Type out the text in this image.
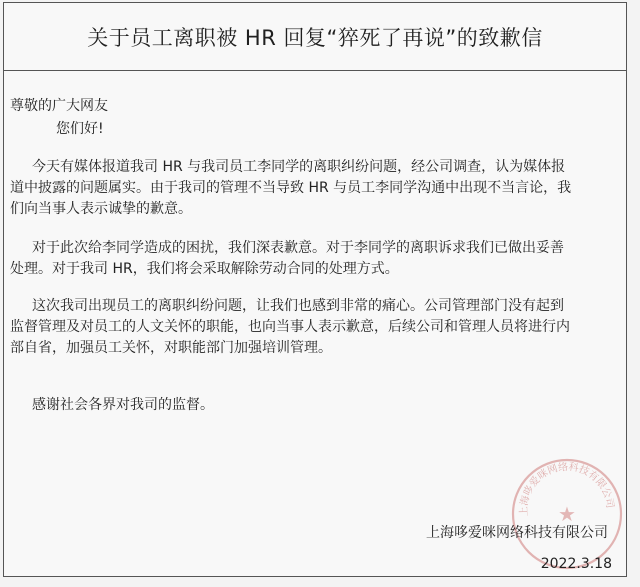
关于员工离职被 HR 回复“猝死了再说”的致歉信
尊敬的广大网友
您们好!

今天有媒体报道我司 HR 与我司员工李同学的离职纠纷问题，经公司调查，认为媒体报

道中披露的问题属实。由于我司的管理不当导致 HR 与员工李同学沟通中出现不当言论，我

们向当事人表示诚挚的歉意。

对于此次给李同学造成的困扰，我们深表歉意。对于李同学的离职诉求我们已做出妥善

处理。对于我司 HR，我们将会采取解除劳动合同的处理方式。

这次我司出现员工的离职纠纷问题，让我们也感到非常的痛心。公司管理部门没有起到

监督管理及对员工的人文关怀的职能，也向当事人表示歉意，后续公司和管理人员将进行内

部自省，加强员工关怀，对职能部门加强培训管理。

感谢社会各界对我司的监督。

上海哆爱咪网络科技有限公司
★
上海哆爱咪网络科技有限公司
2022.3.18
